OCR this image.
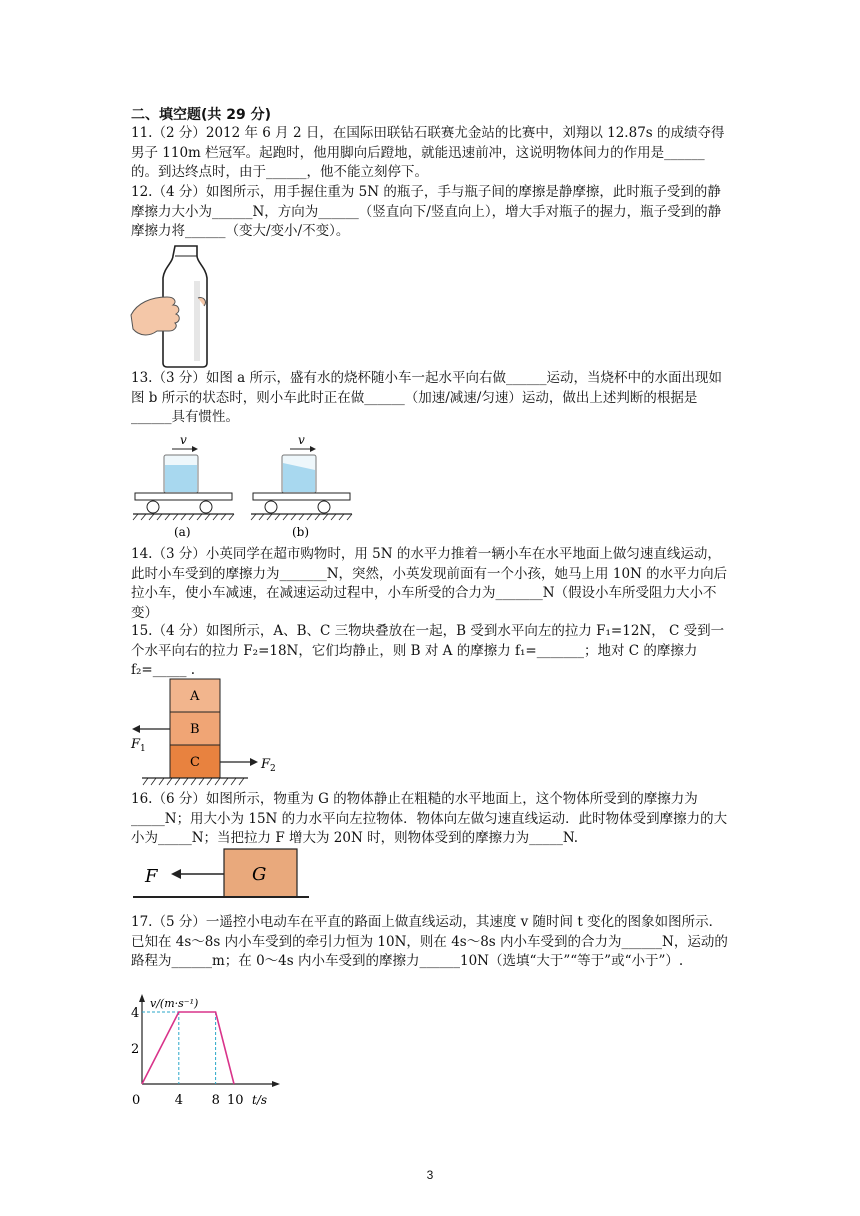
二、填空题(共 29 分)
11.（2 分）2012 年 6 月 2 日，在国际田联钻石联赛尤金站的比赛中，刘翔以 12.87s 的成绩夺得男子 110m 栏冠军。起跑时，他用脚向后蹬地，就能迅速前冲，这说明物体间力的作用是______的。到达终点时，由于______，他不能立刻停下。
12.（4 分）如图所示，用手握住重为 5N 的瓶子，手与瓶子间的摩擦是静摩擦，此时瓶子受到的静摩擦力大小为______N，方向为______（竖直向下/竖直向上），增大手对瓶子的握力，瓶子受到的静摩擦力将______（变大/变小/不变）。
13.（3 分）如图 a 所示，盛有水的烧杯随小车一起水平向右做______运动，当烧杯中的水面出现如图 b 所示的状态时，则小车此时正在做______（加速/减速/匀速）运动，做出上述判断的根据是______具有惯性。
v
(a)
v
(b)
14.（3 分）小英同学在超市购物时，用 5N 的水平力推着一辆小车在水平地面上做匀速直线运动，此时小车受到的摩擦力为_______N，突然，小英发现前面有一个小孩，她马上用 10N 的水平力向后拉小车，使小车减速，在减速运动过程中，小车所受的合力为_______N（假设小车所受阻力大小不变）
15.（4 分）如图所示，A、B、C 三物块叠放在一起，B 受到水平向左的拉力 F₁=12N， C 受到一个水平向右的拉力 F₂=18N，它们均静止，则 B 对 A 的摩擦力 f₁=_______；地对 C 的摩擦力 f₂=_____ .
A
B
C
F 1
F 2
16.（6 分）如图所示，物重为 G 的物体静止在粗糙的水平地面上，这个物体所受到的摩擦力为_____N；用大小为 15N 的力水平向左拉物体．物体向左做匀速直线运动．此时物体受到摩擦力的大小为_____N；当把拉力 F 增大为 20N 时，则物体受到的摩擦力为_____N.
G
F
17.（5 分）一遥控小电动车在平直的路面上做直线运动，其速度 v 随时间 t 变化的图象如图所示．已知在 4s～8s 内小车受到的牵引力恒为 10N，则在 4s～8s 内小车受到的合力为______N，运动的路程为______m；在 0～4s 内小车受到的摩擦力______10N（选填“大于”“等于”或“小于”）.
v/(m·s⁻¹)
t/s
4
2
0	4 8 10
3
